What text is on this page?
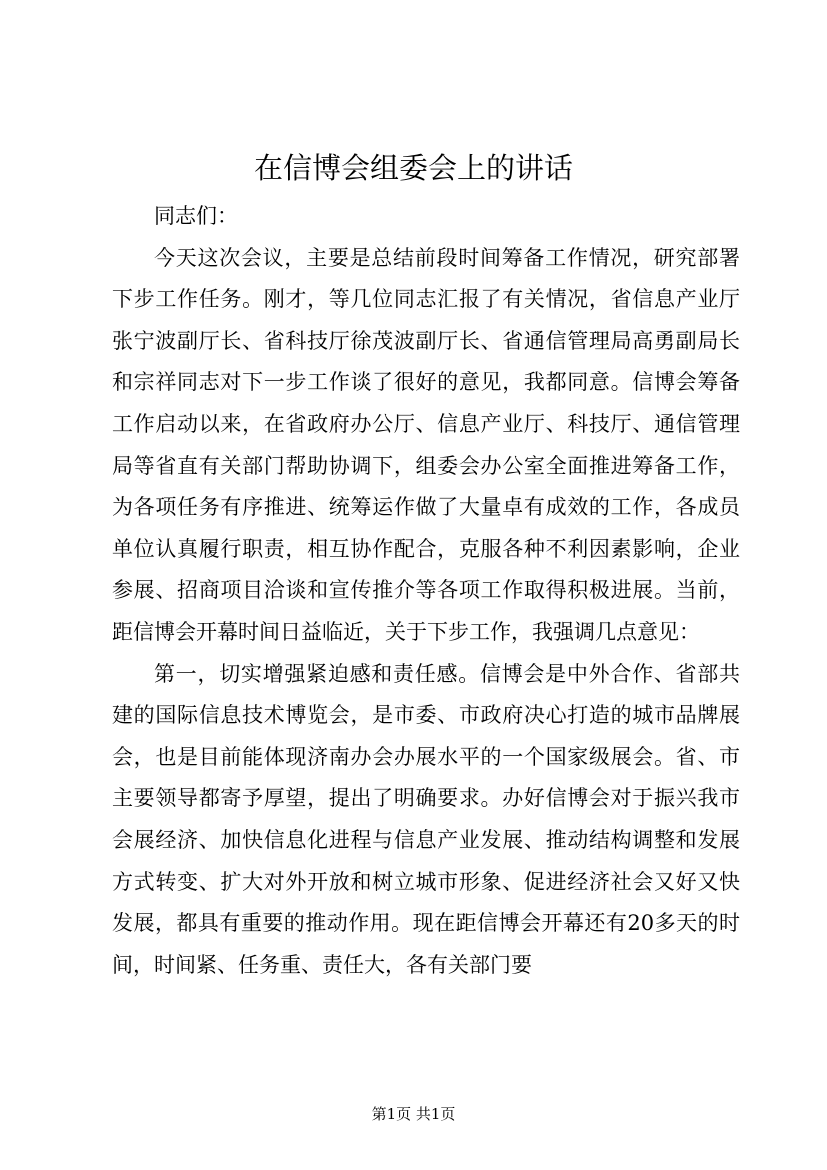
在信博会组委会上的讲话

同志们：

今天这次会议，主要是总结前段时间筹备工作情况，研究部署下步工作任务。刚才，等几位同志汇报了有关情况，省信息产业厅张宁波副厅长、省科技厅徐茂波副厅长、省通信管理局高勇副局长和宗祥同志对下一步工作谈了很好的意见，我都同意。信博会筹备工作启动以来，在省政府办公厅、信息产业厅、科技厅、通信管理局等省直有关部门帮助协调下，组委会办公室全面推进筹备工作，为各项任务有序推进、统筹运作做了大量卓有成效的工作，各成员单位认真履行职责，相互协作配合，克服各种不利因素影响，企业参展、招商项目洽谈和宣传推介等各项工作取得积极进展。当前，距信博会开幕时间日益临近，关于下步工作，我强调几点意见：

第一，切实增强紧迫感和责任感。信博会是中外合作、省部共建的国际信息技术博览会，是市委、市政府决心打造的城市品牌展会，也是目前能体现济南办会办展水平的一个国家级展会。省、市主要领导都寄予厚望，提出了明确要求。办好信博会对于振兴我市会展经济、加快信息化进程与信息产业发展、推动结构调整和发展方式转变、扩大对外开放和树立城市形象、促进经济社会又好又快发展，都具有重要的推动作用。现在距信博会开幕还有20多天的时间，时间紧、任务重、责任大，各有关部门要

第1页 共1页
